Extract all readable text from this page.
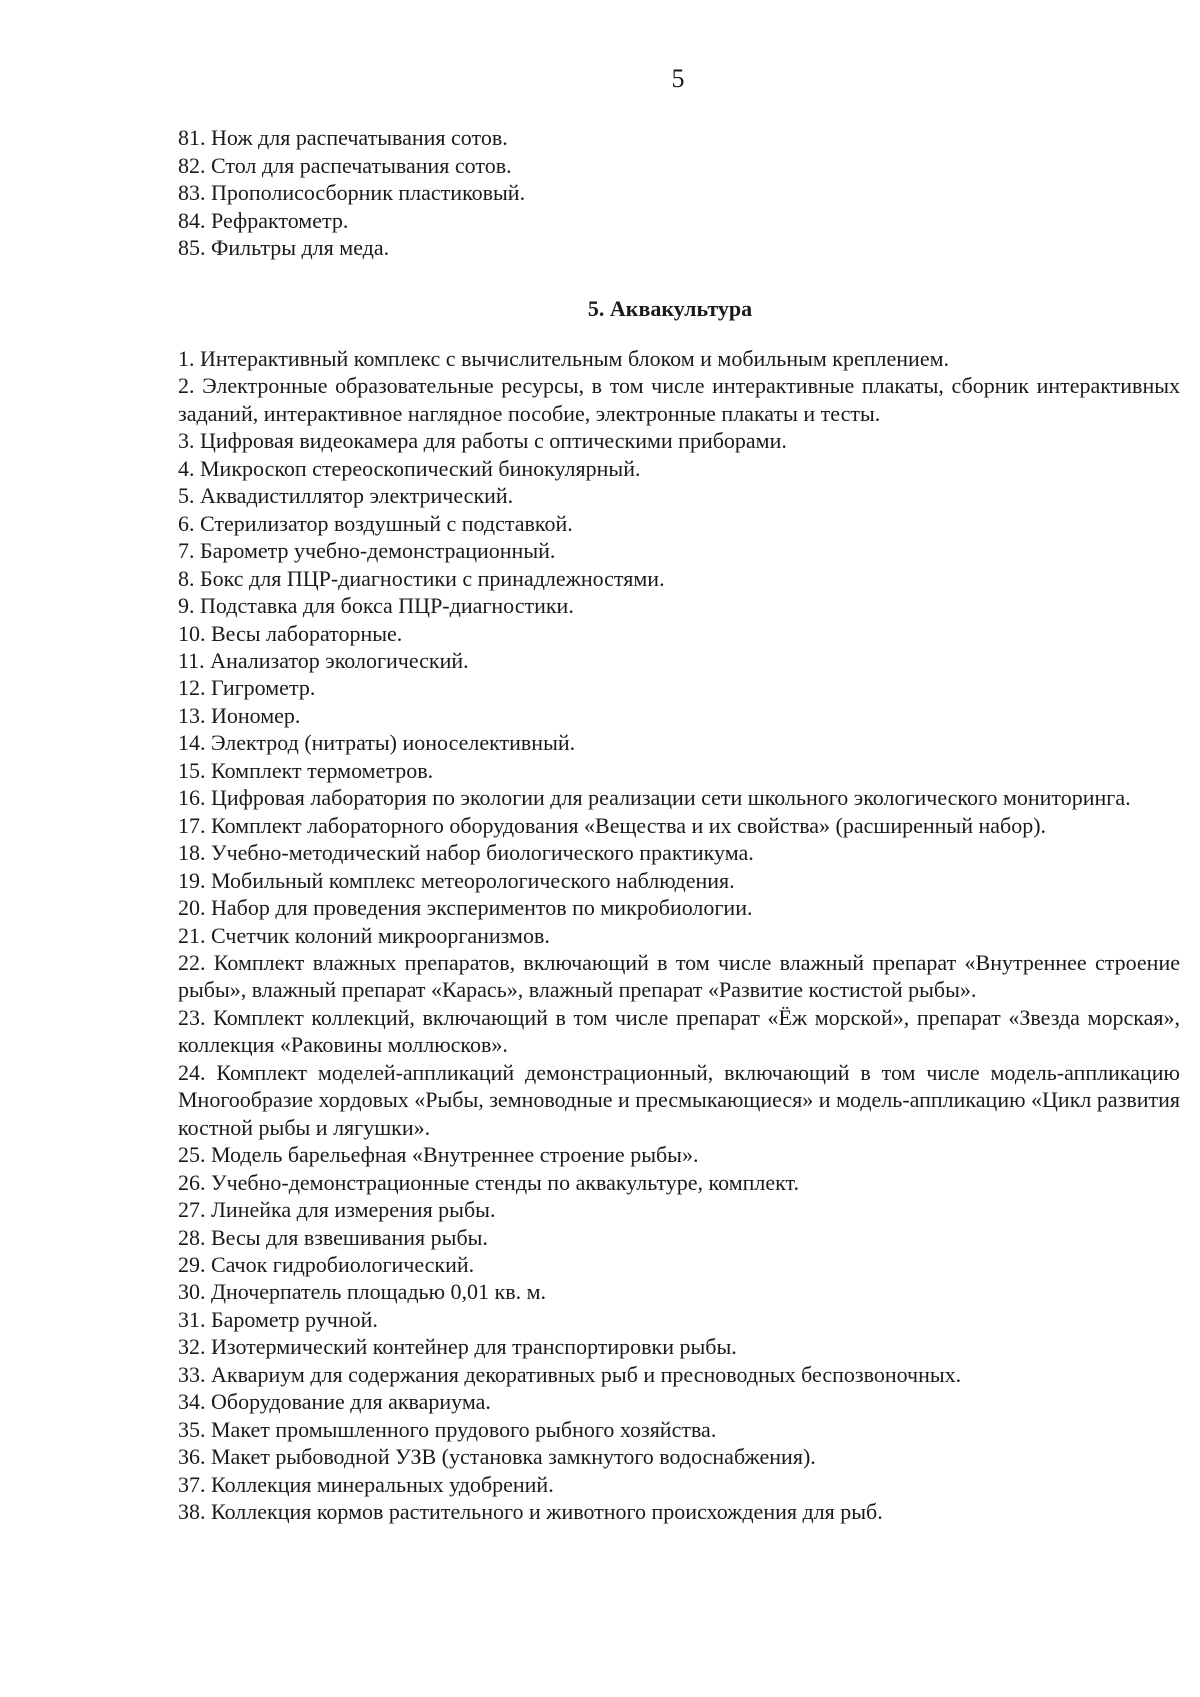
5
81. Нож для распечатывания сотов.
82. Стол для распечатывания сотов.
83. Прополисосборник пластиковый.
84. Рефрактометр.
85. Фильтры для меда.
5. Аквакультура
1. Интерактивный комплекс с вычислительным блоком и мобильным креплением.
2. Электронные образовательные ресурсы, в том числе интерактивные плакаты, сборник интерактивных заданий, интерактивное наглядное пособие, электронные плакаты и тесты.
3. Цифровая видеокамера для работы с оптическими приборами.
4. Микроскоп стереоскопический бинокулярный.
5. Аквадистиллятор электрический.
6. Стерилизатор воздушный с подставкой.
7. Барометр учебно-демонстрационный.
8. Бокс для ПЦР-диагностики с принадлежностями.
9. Подставка для бокса ПЦР-диагностики.
10. Весы лабораторные.
11. Анализатор экологический.
12. Гигрометр.
13. Иономер.
14. Электрод (нитраты) ионоселективный.
15. Комплект термометров.
16. Цифровая лаборатория по экологии для реализации сети школьного экологического мониторинга.
17. Комплект лабораторного оборудования «Вещества и их свойства» (расширенный набор).
18. Учебно-методический набор биологического практикума.
19. Мобильный комплекс метеорологического наблюдения.
20. Набор для проведения экспериментов по микробиологии.
21. Счетчик колоний микроорганизмов.
22. Комплект влажных препаратов, включающий в том числе влажный препарат «Внутреннее строение рыбы», влажный препарат «Карась», влажный препарат «Развитие костистой рыбы».
23. Комплект коллекций, включающий в том числе препарат «Ёж морской», препарат «Звезда морская», коллекция «Раковины моллюсков».
24. Комплект моделей-аппликаций демонстрационный, включающий в том числе модель-аппликацию Многообразие хордовых «Рыбы, земноводные и пресмыкающиеся» и модель-аппликацию «Цикл развития костной рыбы и лягушки».
25. Модель барельефная «Внутреннее строение рыбы».
26. Учебно-демонстрационные стенды по аквакультуре, комплект.
27. Линейка для измерения рыбы.
28. Весы для взвешивания рыбы.
29. Сачок гидробиологический.
30. Дночерпатель площадью 0,01 кв. м.
31. Барометр ручной.
32. Изотермический контейнер для транспортировки рыбы.
33. Аквариум для содержания декоративных рыб и пресноводных беспозвоночных.
34. Оборудование для аквариума.
35. Макет промышленного прудового рыбного хозяйства.
36. Макет рыбоводной УЗВ (установка замкнутого водоснабжения).
37. Коллекция минеральных удобрений.
38. Коллекция кормов растительного и животного происхождения для рыб.
